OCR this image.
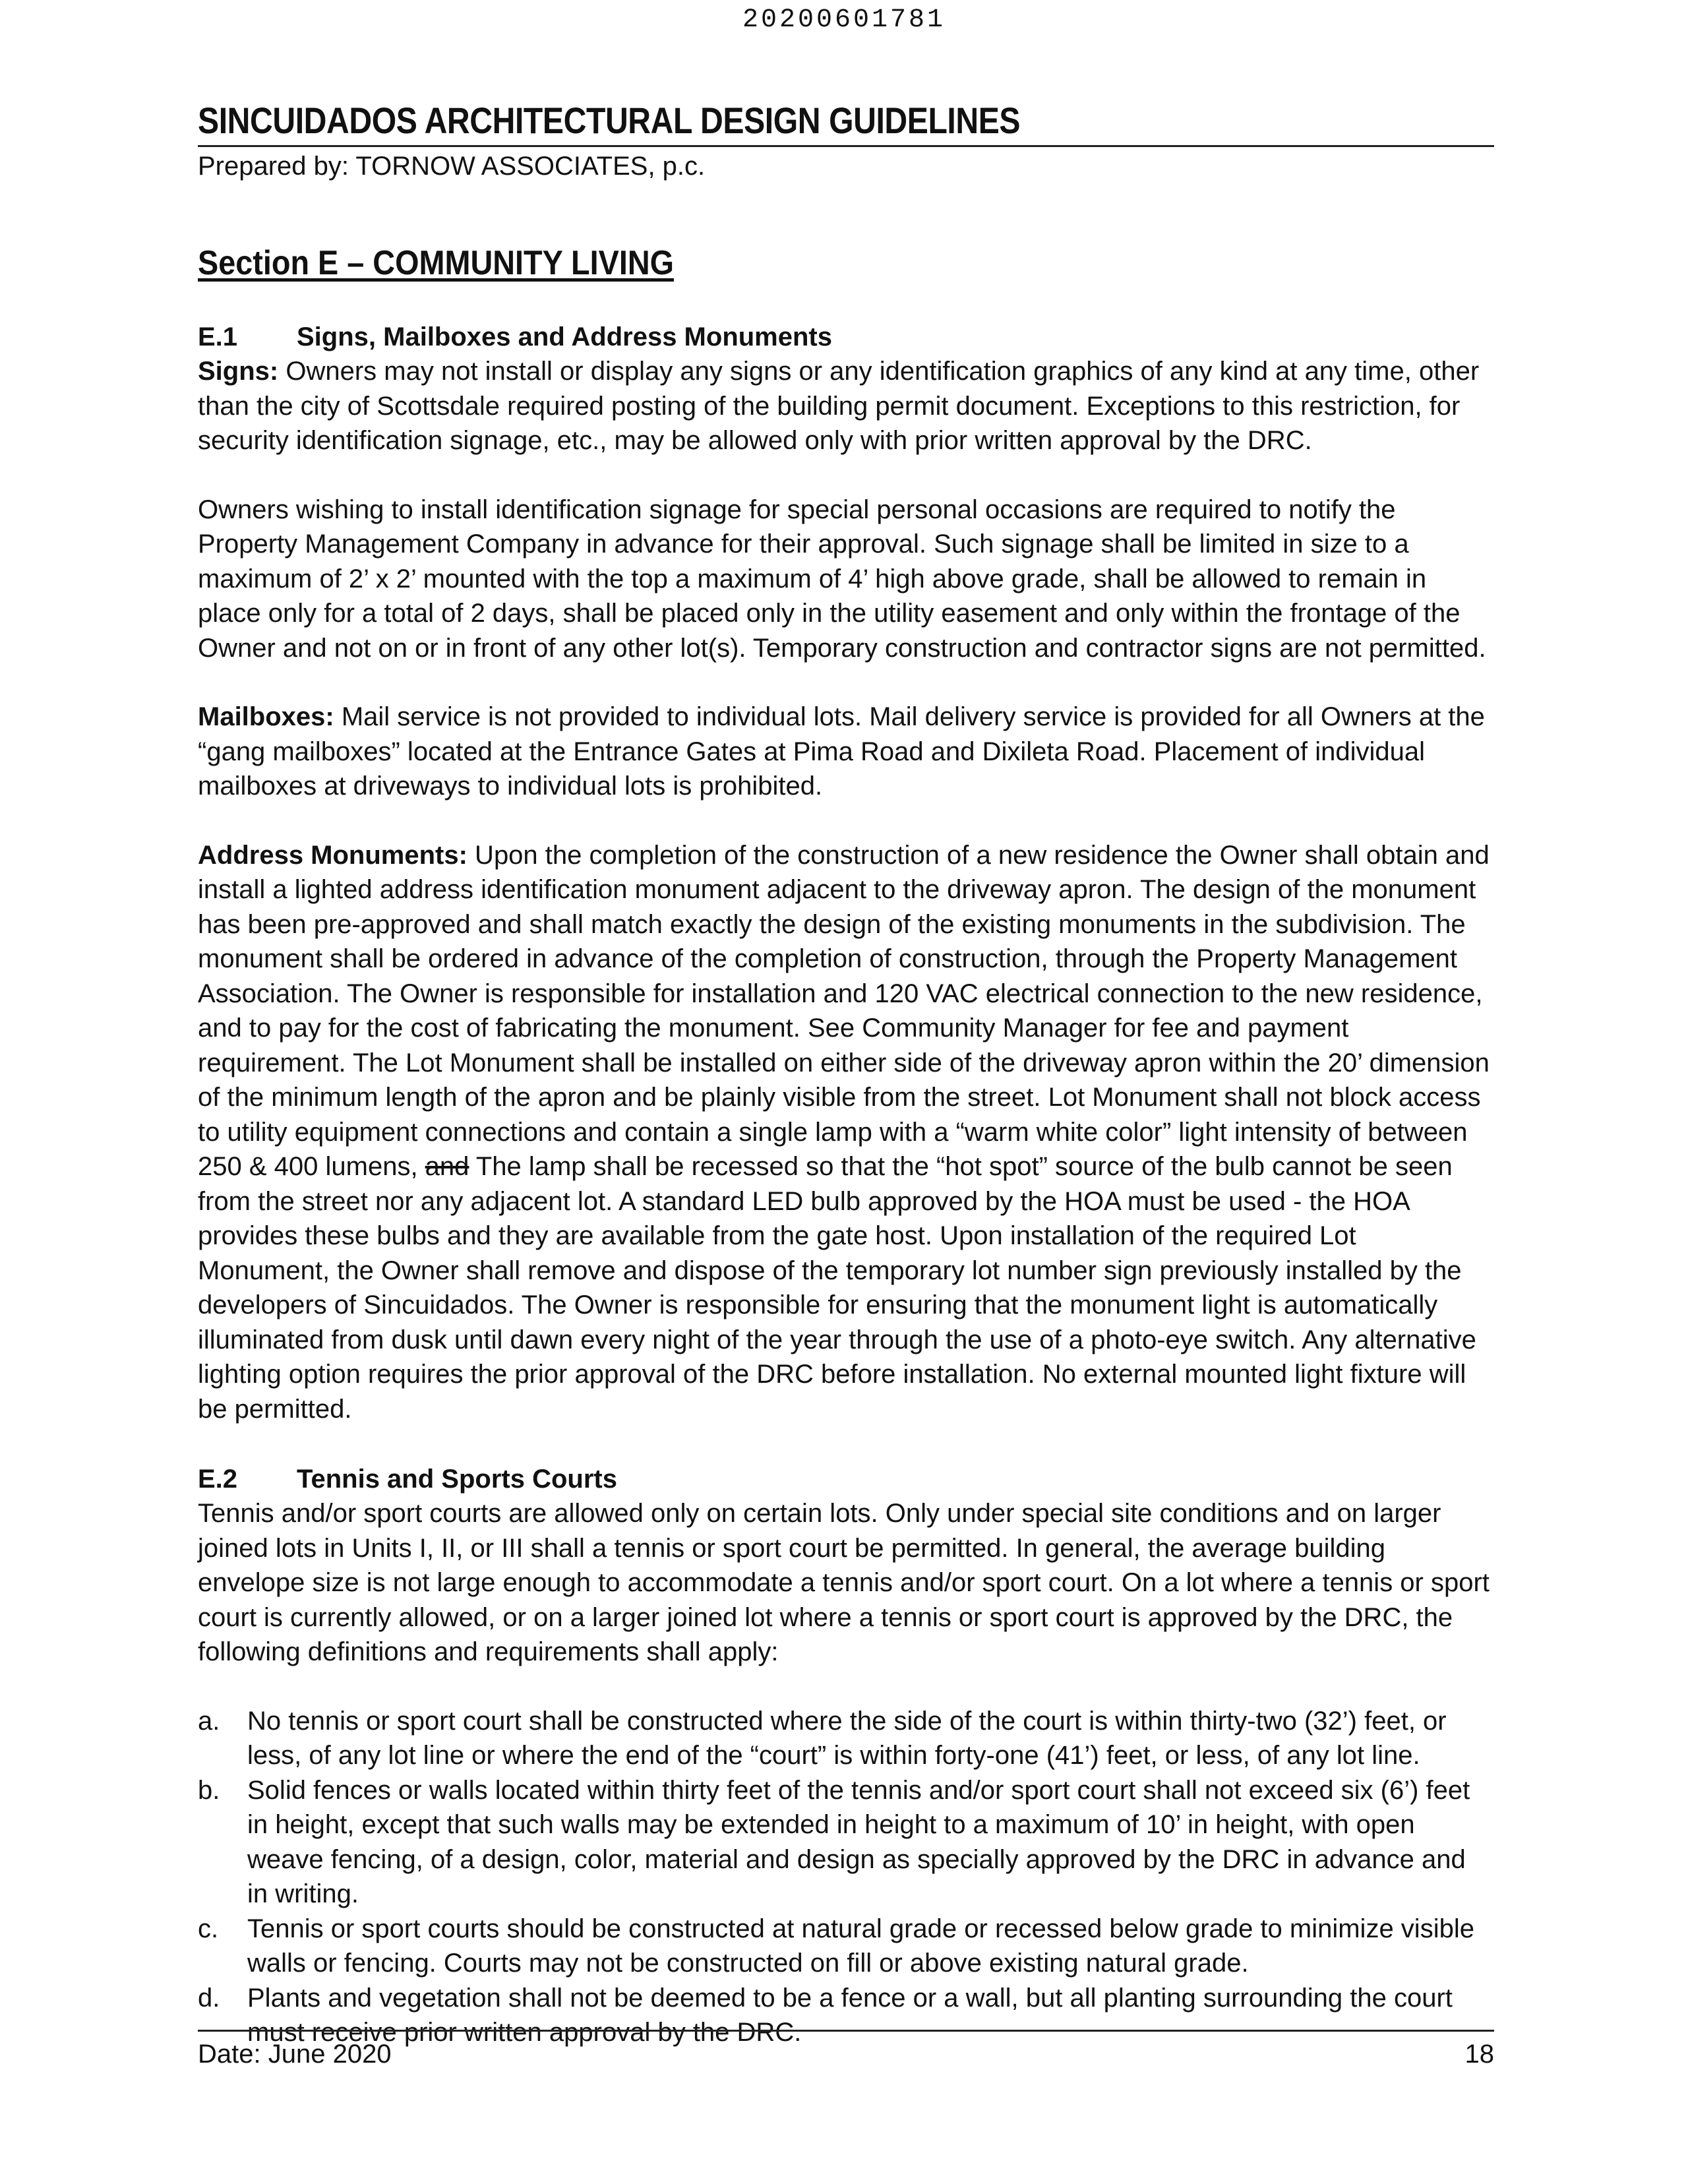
20200601781
SINCUIDADOS ARCHITECTURAL DESIGN GUIDELINES
Prepared by: TORNOW ASSOCIATES, p.c.
Section E – COMMUNITY LIVING
E.1	Signs, Mailboxes and Address Monuments

Signs: Owners may not install or display any signs or any identification graphics of any kind at any time, other than the city of Scottsdale required posting of the building permit document. Exceptions to this restriction, for security identification signage, etc., may be allowed only with prior written approval by the DRC.

Owners wishing to install identification signage for special personal occasions are required to notify the Property Management Company in advance for their approval. Such signage shall be limited in size to a maximum of 2’ x 2’ mounted with the top a maximum of 4’ high above grade, shall be allowed to remain in place only for a total of 2 days, shall be placed only in the utility easement and only within the frontage of the Owner and not on or in front of any other lot(s). Temporary construction and contractor signs are not permitted.

Mailboxes: Mail service is not provided to individual lots. Mail delivery service is provided for all Owners at the “gang mailboxes” located at the Entrance Gates at Pima Road and Dixileta Road. Placement of individual mailboxes at driveways to individual lots is prohibited.

Address Monuments: Upon the completion of the construction of a new residence the Owner shall obtain and install a lighted address identification monument adjacent to the driveway apron. The design of the monument has been pre-approved and shall match exactly the design of the existing monuments in the subdivision. The monument shall be ordered in advance of the completion of construction, through the Property Management Association. The Owner is responsible for installation and 120 VAC electrical connection to the new residence, and to pay for the cost of fabricating the monument. See Community Manager for fee and payment requirement. The Lot Monument shall be installed on either side of the driveway apron within the 20’ dimension of the minimum length of the apron and be plainly visible from the street. Lot Monument shall not block access to utility equipment connections and contain a single lamp with a “warm white color” light intensity of between 250 & 400 lumens, and The lamp shall be recessed so that the “hot spot” source of the bulb cannot be seen from the street nor any adjacent lot. A standard LED bulb approved by the HOA must be used - the HOA provides these bulbs and they are available from the gate host. Upon installation of the required Lot Monument, the Owner shall remove and dispose of the temporary lot number sign previously installed by the developers of Sincuidados. The Owner is responsible for ensuring that the monument light is automatically illuminated from dusk until dawn every night of the year through the use of a photo-eye switch. Any alternative lighting option requires the prior approval of the DRC before installation. No external mounted light fixture will be permitted.

E.2	Tennis and Sports Courts

Tennis and/or sport courts are allowed only on certain lots. Only under special site conditions and on larger joined lots in Units I, II, or III shall a tennis or sport court be permitted. In general, the average building envelope size is not large enough to accommodate a tennis and/or sport court. On a lot where a tennis or sport court is currently allowed, or on a larger joined lot where a tennis or sport court is approved by the DRC, the following definitions and requirements shall apply:

a.	No tennis or sport court shall be constructed where the side of the court is within thirty-two (32’) feet, or less, of any lot line or where the end of the “court” is within forty-one (41’) feet, or less, of any lot line.
b.	Solid fences or walls located within thirty feet of the tennis and/or sport court shall not exceed six (6’) feet in height, except that such walls may be extended in height to a maximum of 10’ in height, with open weave fencing, of a design, color, material and design as specially approved by the DRC in advance and in writing.
c.	Tennis or sport courts should be constructed at natural grade or recessed below grade to minimize visible walls or fencing. Courts may not be constructed on fill or above existing natural grade.
d.	Plants and vegetation shall not be deemed to be a fence or a wall, but all planting surrounding the court must receive prior written approval by the DRC.
Date: June 2020	18
